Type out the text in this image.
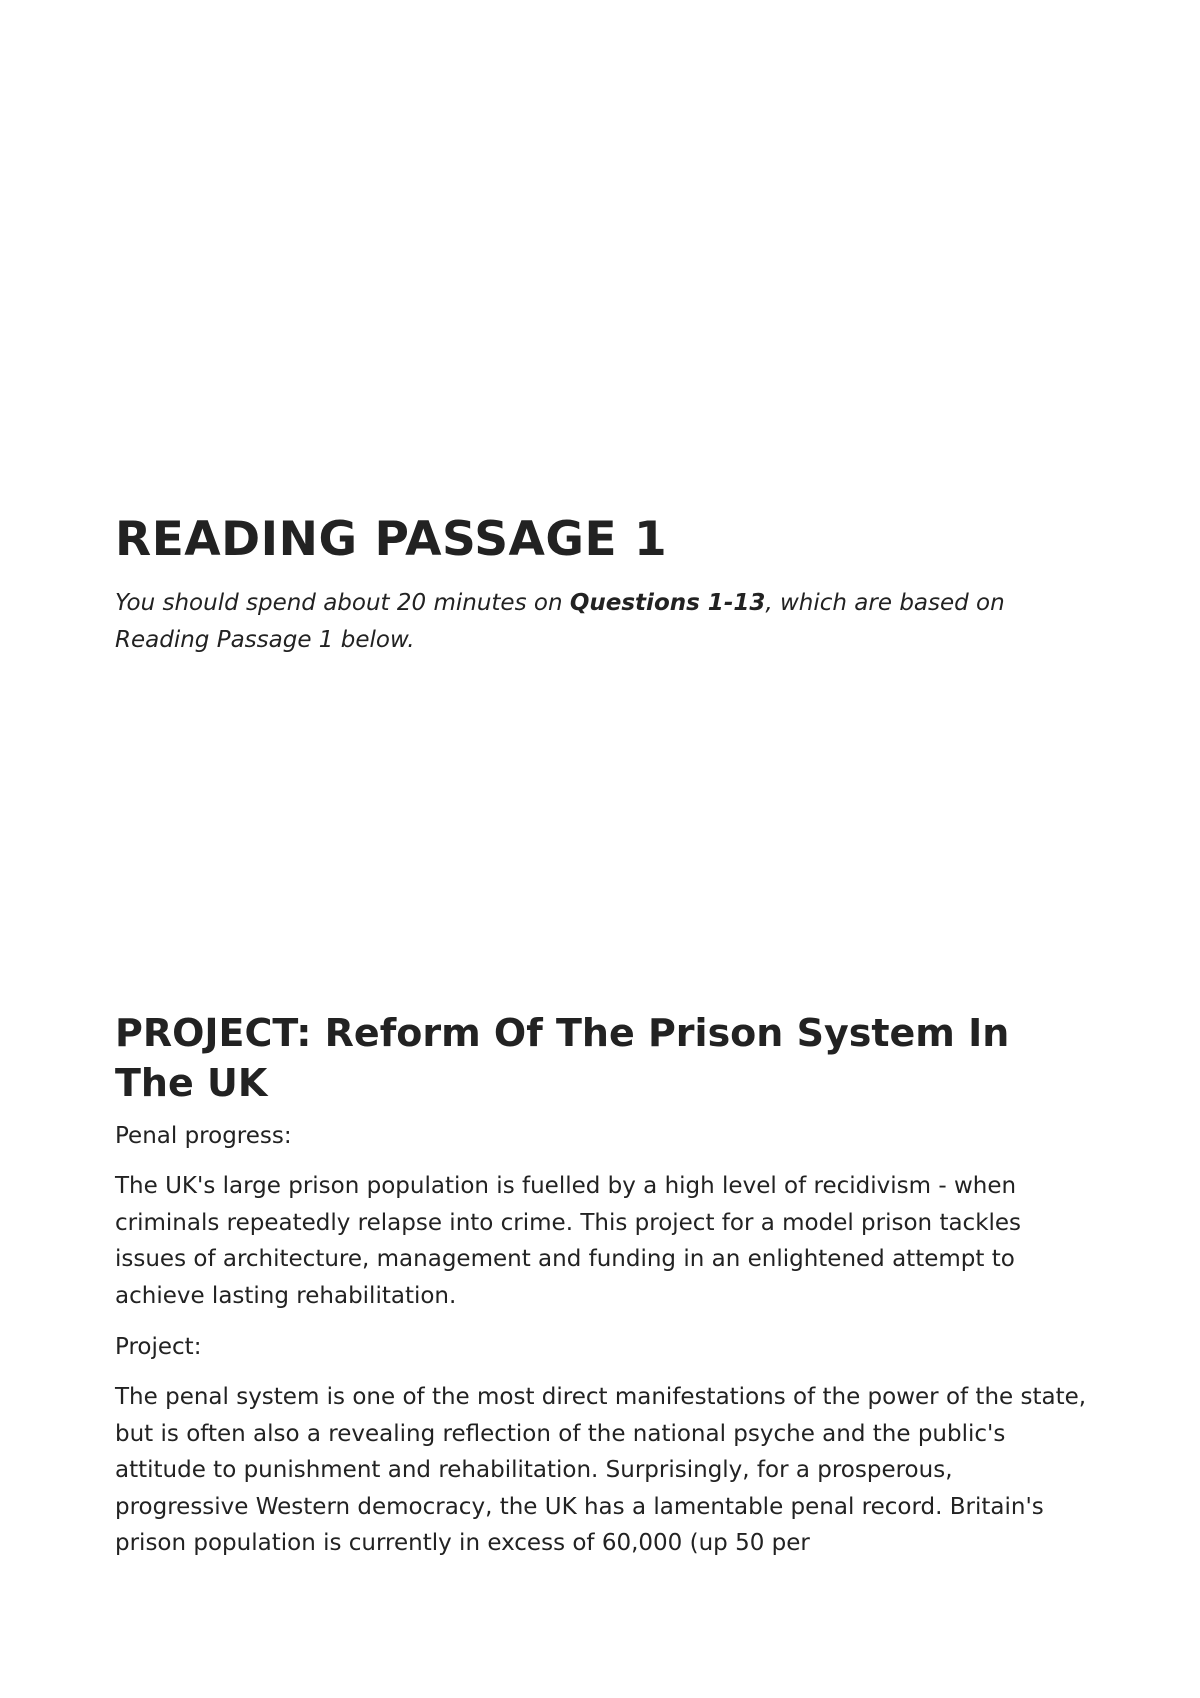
READING PASSAGE 1

You should spend about 20 minutes on Questions 1-13, which are based on Reading Passage 1 below.

PROJECT: Reform Of The Prison System In The UK

Penal progress:

The UK's large prison population is fuelled by a high level of recidivism - when criminals repeatedly relapse into crime. This project for a model prison tackles issues of architecture, management and funding in an enlightened attempt to achieve lasting rehabilitation.

Project:

The penal system is one of the most direct manifestations of the power of the state, but is often also a revealing reflection of the national psyche and the public's attitude to punishment and rehabilitation. Surprisingly, for a prosperous, progressive Western democracy, the UK has a lamentable penal record. Britain's prison population is currently in excess of 60,000 (up 50 per
